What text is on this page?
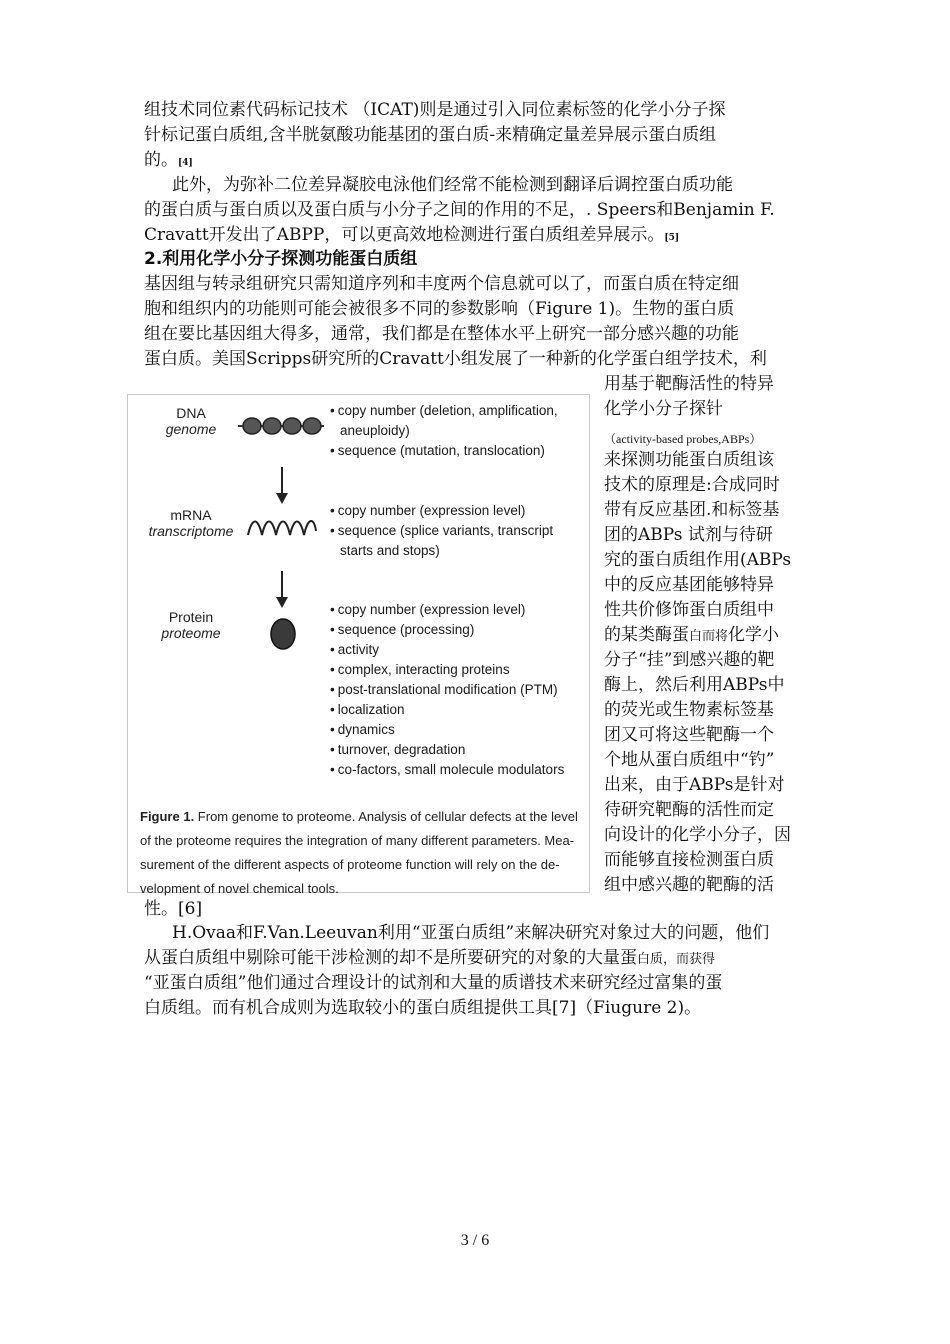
组技术同位素代码标记技术 （ICAT)则是通过引入同位素标签的化学小分子探
针标记蛋白质组,含半胱氨酸功能基团的蛋白质-来精确定量差异展示蛋白质组
的。[4]
此外，为弥补二位差异凝胶电泳他们经常不能检测到翻译后调控蛋白质功能
的蛋白质与蛋白质以及蛋白质与小分子之间的作用的不足，. Speers和Benjamin F.
Cravatt开发出了ABPP，可以更高效地检测进行蛋白质组差异展示。[5]
2.利用化学小分子探测功能蛋白质组
基因组与转录组研究只需知道序列和丰度两个信息就可以了，而蛋白质在特定细
胞和组织内的功能则可能会被很多不同的参数影响（Figure 1)。生物的蛋白质
组在要比基因组大得多，通常，我们都是在整体水平上研究一部分感兴趣的功能
蛋白质。美国Scripps研究所的Cravatt小组发展了一种新的化学蛋白组学技术，利
用基于靶酶活性的特异
化学小分子探针
（activity-based probes,ABPs）
来探测功能蛋白质组该
技术的原理是:合成同时
带有反应基团.和标签基
团的ABPs 试剂与待研
究的蛋白质组作用(ABPs
中的反应基团能够特异
性共价修饰蛋白质组中
的某类酶蛋白而将化学小
分子“挂”到感兴趣的靶
酶上，然后利用ABPs中
的荧光或生物素标签基
团又可将这些靶酶一个
个地从蛋白质组中“钓”
出来，由于ABPs是针对
待研究靶酶的活性而定
向设计的化学小分子，因
而能够直接检测蛋白质
组中感兴趣的靶酶的活
DNA
genome
• copy number (deletion, amplification,
aneuploidy)
• sequence (mutation, translocation)
mRNA
transcriptome
• copy number (expression level)
• sequence (splice variants, transcript
starts and stops)
Protein
proteome
• copy number (expression level)
• sequence (processing)
• activity
• complex, interacting proteins
• post-translational modification (PTM)
• localization
• dynamics
• turnover, degradation
• co-factors, small molecule modulators
Figure 1. From genome to proteome. Analysis of cellular defects at the level
of the proteome requires the integration of many different parameters. Mea-
surement of the different aspects of proteome function will rely on the de-
velopment of novel chemical tools.
性。[6]
H.Ovaa和F.Van.Leeuvan利用“亚蛋白质组”来解决研究对象过大的问题，他们
从蛋白质组中剔除可能干涉检测的却不是所要研究的对象的大量蛋白质，而获得
“亚蛋白质组”他们通过合理设计的试剂和大量的质谱技术来研究经过富集的蛋
白质组。而有机合成则为选取较小的蛋白质组提供工具[7]（Fiugure 2)。
3 / 6
